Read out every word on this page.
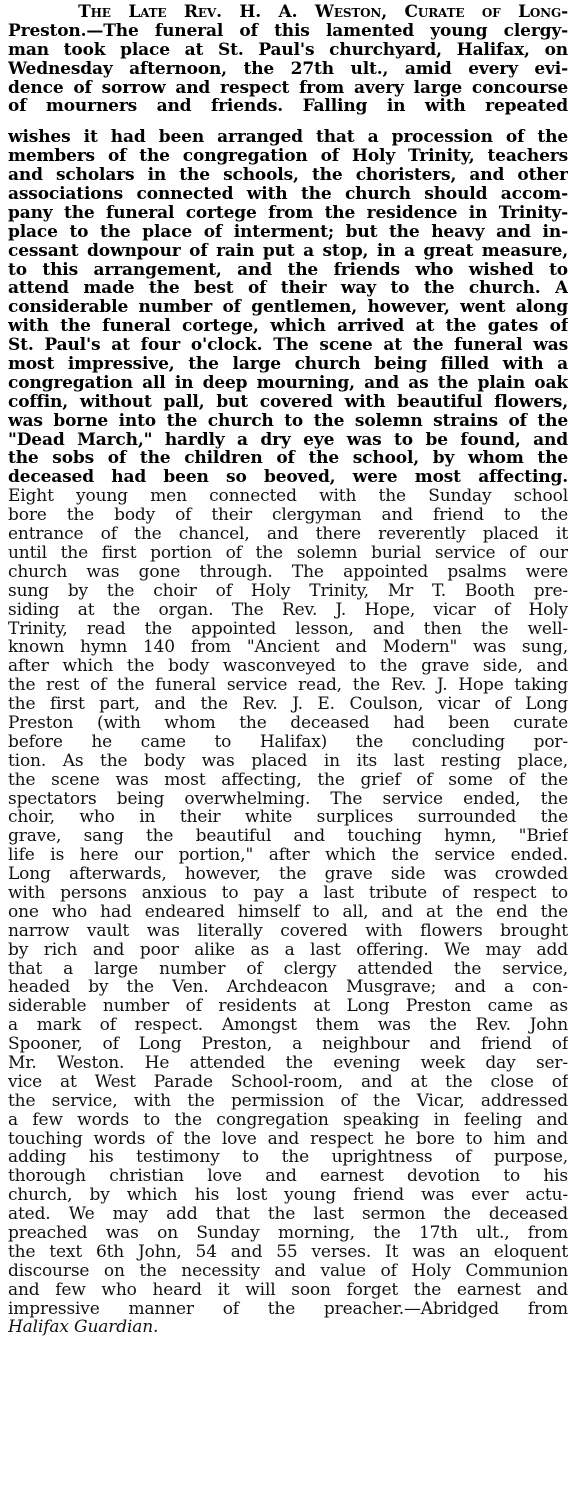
The Late Rev. H. A. Weston, Curate of Long-
Preston.—The funeral of this lamented young clergy-
man took place at St. Paul's churchyard, Halifax, on
Wednesday afternoon, the 27th ult., amid every evi-
dence of sorrow and respect from avery large concourse
of mourners and friends. Falling in with repeated
wishes it had been arranged that a procession of the
members of the congregation of Holy Trinity, teachers
and scholars in the schools, the choristers, and other
associations connected with the church should accom-
pany the funeral cortege from the residence in Trinity-
place to the place of interment; but the heavy and in-
cessant downpour of rain put a stop, in a great measure,
to this arrangement, and the friends who wished to
attend made the best of their way to the church. A
considerable number of gentlemen, however, went along
with the funeral cortege, which arrived at the gates of
St. Paul's at four o'clock. The scene at the funeral was
most impressive, the large church being filled with a
congregation all in deep mourning, and as the plain oak
coffin, without pall, but covered with beautiful flowers,
was borne into the church to the solemn strains of the
"Dead March," hardly a dry eye was to be found, and
the sobs of the children of the school, by whom the
deceased had been so beoved, were most affecting.
Eight young men connected with the Sunday school
bore the body of their clergyman and friend to the
entrance of the chancel, and there reverently placed it
until the first portion of the solemn burial service of our
church was gone through. The appointed psalms were
sung by the choir of Holy Trinity, Mr T. Booth pre-
siding at the organ. The Rev. J. Hope, vicar of Holy
Trinity, read the appointed lesson, and then the well-
known hymn 140 from "Ancient and Modern" was sung,
after which the body wasconveyed to the grave side, and
the rest of the funeral service read, the Rev. J. Hope taking
the first part, and the Rev. J. E. Coulson, vicar of Long
Preston (with whom the deceased had been curate
before he came to Halifax) the concluding por-
tion. As the body was placed in its last resting place,
the scene was most affecting, the grief of some of the
spectators being overwhelming. The service ended, the
choir, who in their white surplices surrounded the
grave, sang the beautiful and touching hymn, "Brief
life is here our portion," after which the service ended.
Long afterwards, however, the grave side was crowded
with persons anxious to pay a last tribute of respect to
one who had endeared himself to all, and at the end the
narrow vault was literally covered with flowers brought
by rich and poor alike as a last offering. We may add
that a large number of clergy attended the service,
headed by the Ven. Archdeacon Musgrave; and a con-
siderable number of residents at Long Preston came as
a mark of respect. Amongst them was the Rev. John
Spooner, of Long Preston, a neighbour and friend of
Mr. Weston. He attended the evening week day ser-
vice at West Parade School-room, and at the close of
the service, with the permission of the Vicar, addressed
a few words to the congregation speaking in feeling and
touching words of the love and respect he bore to him and
adding his testimony to the uprightness of purpose,
thorough christian love and earnest devotion to his
church, by which his lost young friend was ever actu-
ated. We may add that the last sermon the deceased
preached was on Sunday morning, the 17th ult., from
the text 6th John, 54 and 55 verses. It was an eloquent
discourse on the necessity and value of Holy Communion
and few who heard it will soon forget the earnest and
impressive manner of the preacher.—Abridged from
Halifax Guardian.
